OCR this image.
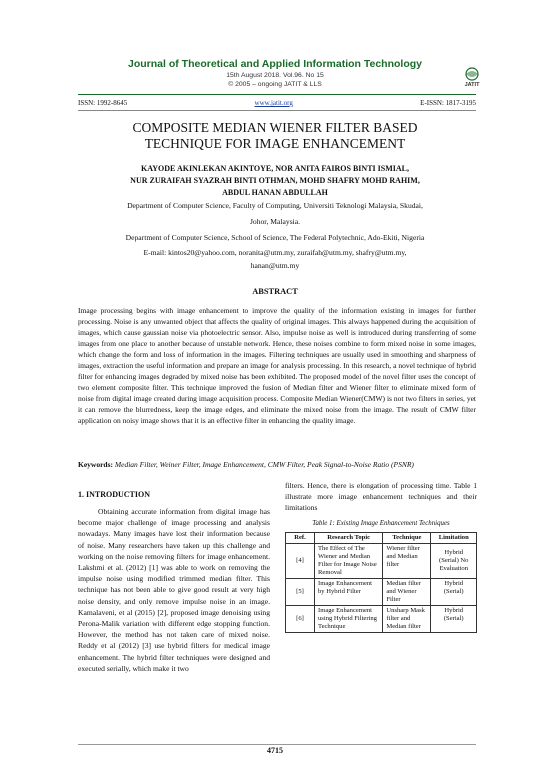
Journal of Theoretical and Applied Information Technology
15th August 2018. Vol.96. No 15
© 2005 – ongoing JATIT & LLS	JATIT
ISSN: 1992-8645	www.jatit.org	E-ISSN: 1817-3195
COMPOSITE MEDIAN WIENER FILTER BASED
TECHNIQUE FOR IMAGE ENHANCEMENT
KAYODE AKINLEKAN AKINTOYE, NOR ANITA FAIROS BINTI ISMIAL,
NUR ZURAIFAH SYAZRAH BINTI OTHMAN, MOHD SHAFRY MOHD RAHIM,
ABDUL HANAN ABDULLAH
Department of Computer Science, Faculty of Computing, Universiti Teknologi Malaysia, Skudai,
Johor, Malaysia.
Department of Computer Science, School of Science, The Federal Polytechnic, Ado-Ekiti, Nigeria
E-mail: kintos20@yahoo.com, noranita@utm.my, zuraifah@utm.my, shafry@utm.my,
hanan@utm.my
ABSTRACT
Image processing begins with image enhancement to improve the quality of the information existing in images for further processing. Noise is any unwanted object that affects the quality of original images. This always happened during the acquisition of images, which cause gaussian noise via photoelectric sensor. Also, impulse noise as well is introduced during transferring of some images from one place to another because of unstable network. Hence, these noises combine to form mixed noise in some images, which change the form and loss of information in the images. Filtering techniques are usually used in smoothing and sharpness of images, extraction the useful information and prepare an image for analysis processing. In this research, a novel technique of hybrid filter for enhancing images degraded by mixed noise has been exhibited. The proposed model of the novel filter uses the concept of two element composite filter. This technique improved the fusion of Median filter and Wiener filter to eliminate mixed form of noise from digital image created during image acquisition process. Composite Median Wiener(CMW) is not two filters in series, yet it can remove the blurredness, keep the image edges, and eliminate the mixed noise from the image. The result of CMW filter application on noisy image shows that it is an effective filter in enhancing the quality image.
Keywords: Median Filter, Weiner Filter, Image Enhancement, CMW Filter, Peak Signal-to-Noise Ratio (PSNR)
1. INTRODUCTION
Obtaining accurate information from digital image has become major challenge of image processing and analysis nowadays. Many images have lost their information because of noise. Many researchers have taken up this challenge and working on the noise removing filters for image enhancement. Lakshmi et al. (2012) [1] was able to work on removing the impulse noise using modified trimmed median filter. This technique has not been able to give good result at very high noise density, and only remove impulse noise in an image. Kamalaveni, et al (2015) [2], proposed image denoising using Perona-Malik variation with different edge stopping function. However, the method has not taken care of mixed noise. Reddy et al (2012) [3] use hybrid filters for medical image enhancement. The hybrid filter techniques were designed and executed serially, which make it two
filters. Hence, there is elongation of processing time. Table 1 illustrate more image enhancement techniques and their limitations
Table 1: Existing Image Enhancement Techniques
Ref.	Research Topic	Technique	Limitation
[4]	The Effect of The Wiener and Median Filter for Image Noise Removal	Wiener filter and Median filter	Hybrid (Serial) No Evaluation
[5]	Image Enhancement by Hybrid Filter	Median filter and Wiener Filter	Hybrid (Serial)
[6]	Image Enhancement using Hybrid Filtering Technique	Unsharp Mask filter and Median filter	Hybrid (Serial)
4715
